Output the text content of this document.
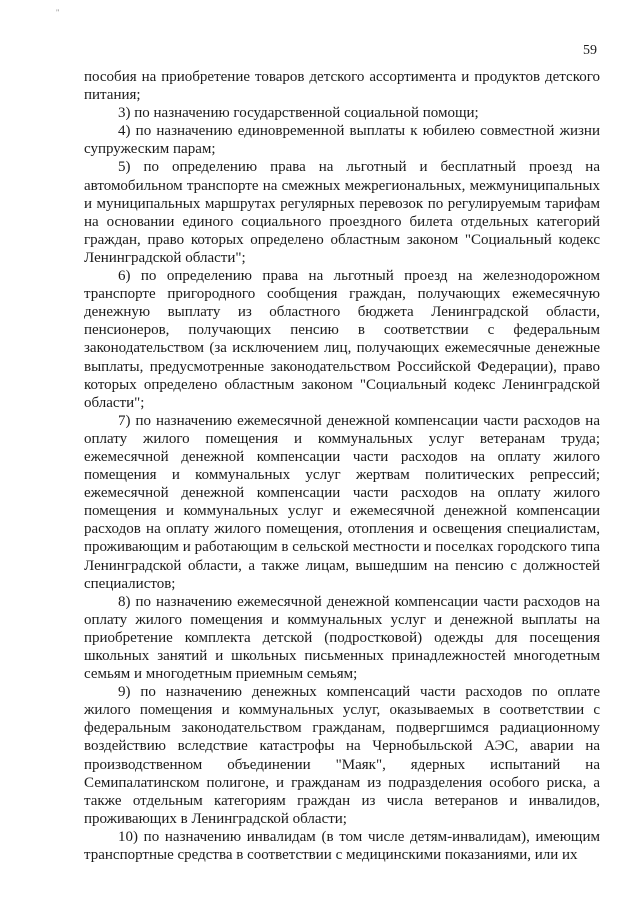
"
59

пособия на приобретение товаров детского ассортимента и продуктов детского питания;

3) по назначению государственной социальной помощи;

4) по назначению единовременной выплаты к юбилею совместной жизни супружеским парам;

5) по определению права на льготный и бесплатный проезд на автомобильном транспорте на смежных межрегиональных, межмуниципальных и муниципальных маршрутах регулярных перевозок по регулируемым тарифам на основании единого социального проездного билета отдельных категорий граждан, право которых определено областным законом "Социальный кодекс Ленинградской области";

6) по определению права на льготный проезд на железнодорожном транспорте пригородного сообщения граждан, получающих ежемесячную денежную выплату из областного бюджета Ленинградской области, пенсионеров, получающих пенсию в соответствии с федеральным законодательством (за исключением лиц, получающих ежемесячные денежные выплаты, предусмотренные законодательством Российской Федерации), право которых определено областным законом "Социальный кодекс Ленинградской области";

7) по назначению ежемесячной денежной компенсации части расходов на оплату жилого помещения и коммунальных услуг ветеранам труда; ежемесячной денежной компенсации части расходов на оплату жилого помещения и коммунальных услуг жертвам политических репрессий; ежемесячной денежной компенсации части расходов на оплату жилого помещения и коммунальных услуг и ежемесячной денежной компенсации расходов на оплату жилого помещения, отопления и освещения специалистам, проживающим и работающим в сельской местности и поселках городского типа Ленинградской области, а также лицам, вышедшим на пенсию с должностей специалистов;

8) по назначению ежемесячной денежной компенсации части расходов на оплату жилого помещения и коммунальных услуг и денежной выплаты на приобретение комплекта детской (подростковой) одежды для посещения школьных занятий и школьных письменных принадлежностей многодетным семьям и многодетным приемным семьям;

9) по назначению денежных компенсаций части расходов по оплате жилого помещения и коммунальных услуг, оказываемых в соответствии с федеральным законодательством гражданам, подвергшимся радиационному воздействию вследствие катастрофы на Чернобыльской АЭС, аварии на производственном объединении "Маяк", ядерных испытаний на Семипалатинском полигоне, и гражданам из подразделения особого риска, а также отдельным категориям граждан из числа ветеранов и инвалидов, проживающих в Ленинградской области;

10) по назначению инвалидам (в том числе детям-инвалидам), имеющим транспортные средства в соответствии с медицинскими показаниями, или их
